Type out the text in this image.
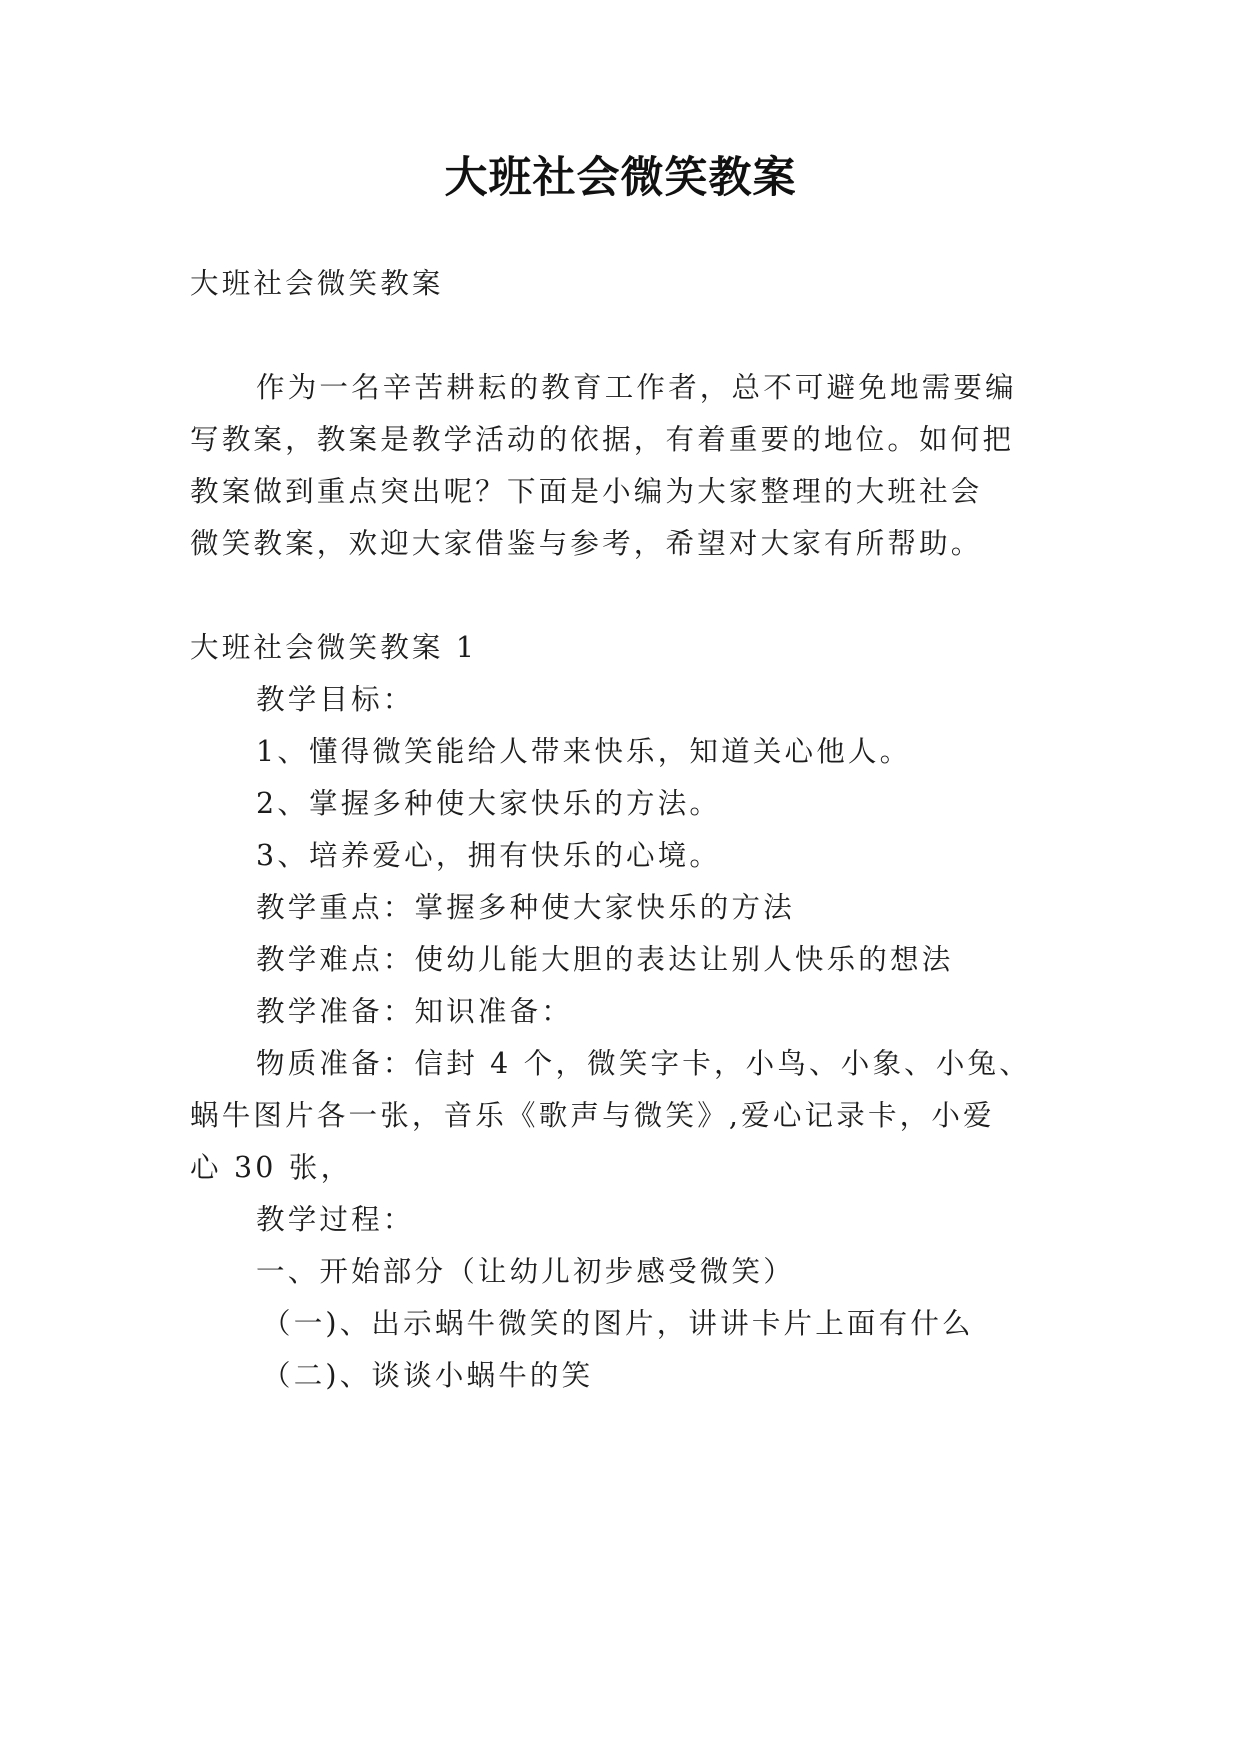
大班社会微笑教案
大班社会微笑教案
作为一名辛苦耕耘的教育工作者，总不可避免地需要编
写教案，教案是教学活动的依据，有着重要的地位。如何把
教案做到重点突出呢？下面是小编为大家整理的大班社会
微笑教案，欢迎大家借鉴与参考，希望对大家有所帮助。
大班社会微笑教案 1
教学目标：
1、懂得微笑能给人带来快乐，知道关心他人。
2、掌握多种使大家快乐的方法。
3、培养爱心，拥有快乐的心境。
教学重点：掌握多种使大家快乐的方法
教学难点：使幼儿能大胆的表达让别人快乐的想法
教学准备：知识准备：
物质准备：信封 4 个，微笑字卡，小鸟、小象、小兔、
蜗牛图片各一张，音乐《歌声与微笑》,爱心记录卡，小爱
心 30 张，
教学过程：
一、开始部分（让幼儿初步感受微笑）
（一)、出示蜗牛微笑的图片，讲讲卡片上面有什么
（二)、谈谈小蜗牛的笑
